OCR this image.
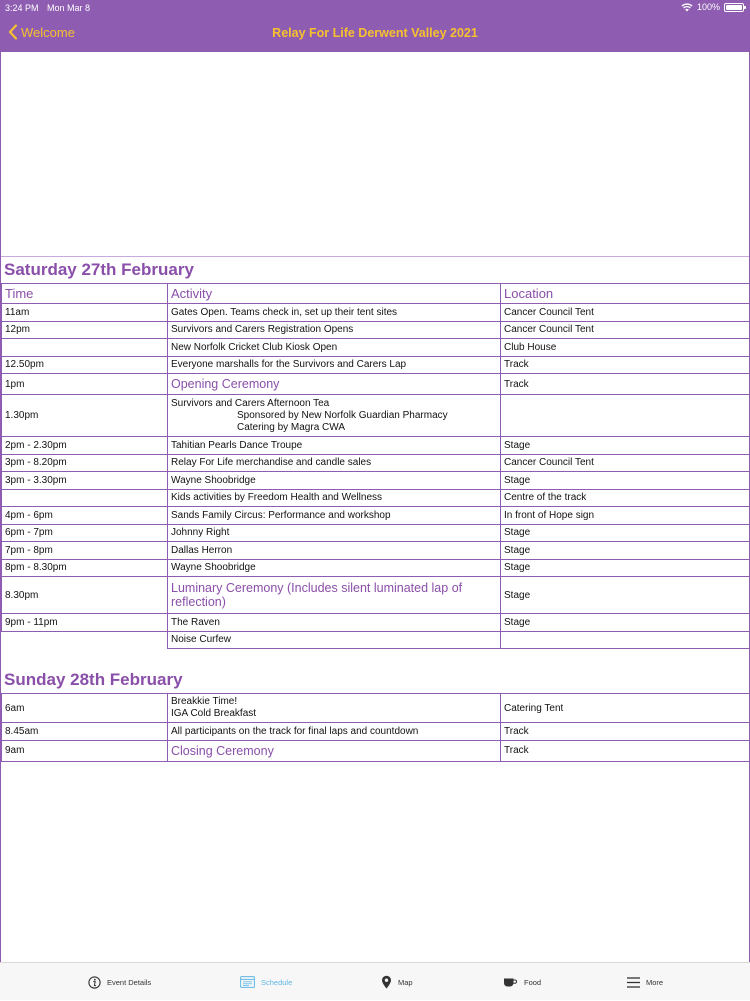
3:24 PM Mon Mar 8	100%
Welcome	Relay For Life Derwent Valley 2021
Saturday 27th February
Time	Activity	Location
11am	Gates Open. Teams check in, set up their tent sites	Cancer Council Tent
12pm	Survivors and Carers Registration Opens	Cancer Council Tent
	New Norfolk Cricket Club Kiosk Open	Club House
12.50pm	Everyone marshalls for the Survivors and Carers Lap	Track
1pm	Opening Ceremony	Track
1.30pm	Survivors and Carers Afternoon Tea
Sponsored by New Norfolk Guardian Pharmacy
Catering by Magra CWA	

2pm - 2.30pm	Tahitian Pearls Dance Troupe	Stage
3pm - 8.20pm	Relay For Life merchandise and candle sales	Cancer Council Tent
3pm - 3.30pm	Wayne Shoobridge	Stage
	Kids activities by Freedom Health and Wellness	Centre of the track
4pm - 6pm	Sands Family Circus: Performance and workshop	In front of Hope sign
6pm - 7pm	Johnny Right	Stage
7pm - 8pm	Dallas Herron	Stage
8pm - 8.30pm	Wayne Shoobridge	Stage
8.30pm	Luminary Ceremony (Includes silent luminated lap of reflection)	Stage
9pm - 11pm	The Raven	Stage
	Noise Curfew	
Sunday 28th February
6am	Breakkie Time!
IGA Cold Breakfast	Catering Tent
8.45am	All participants on the track for final laps and countdown	Track
9am	Closing Ceremony	Track
Event Details	Schedule	Map	Food	More
